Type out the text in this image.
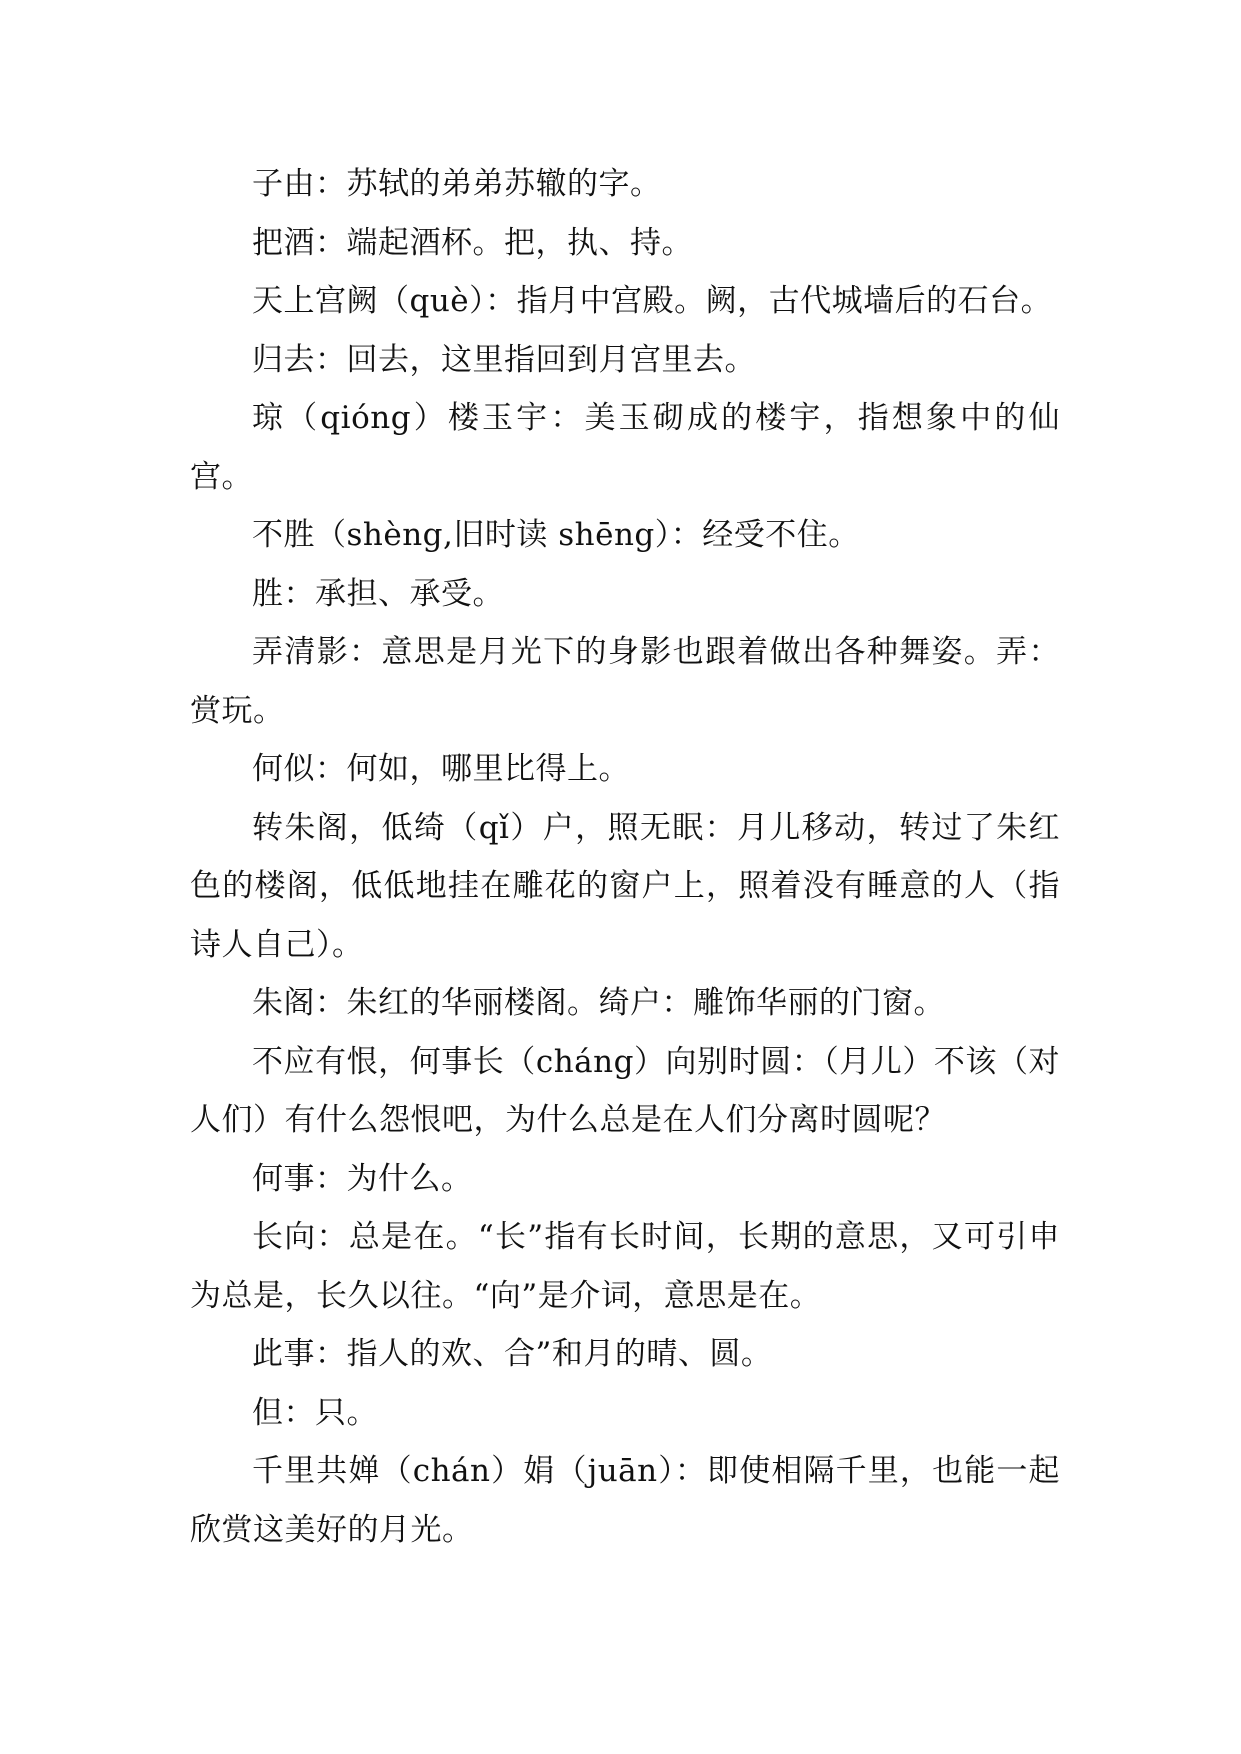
子由：苏轼的弟弟苏辙的字。

把酒：端起酒杯。把，执、持。

天上宫阙（què）：指月中宫殿。阙，古代城墙后的石台。

归去：回去，这里指回到月宫里去。

琼（qióng）楼玉宇：美玉砌成的楼宇，指想象中的仙宫。

不胜（shèng,旧时读 shēng）：经受不住。

胜：承担、承受。

弄清影：意思是月光下的身影也跟着做出各种舞姿。弄：赏玩。

何似：何如，哪里比得上。

转朱阁，低绮（qǐ）户，照无眠：月儿移动，转过了朱红色的楼阁，低低地挂在雕花的窗户上，照着没有睡意的人（指诗人自己）。

朱阁：朱红的华丽楼阁。绮户：雕饰华丽的门窗。

不应有恨，何事长（cháng）向别时圆：（月儿）不该（对人们）有什么怨恨吧，为什么总是在人们分离时圆呢？

何事：为什么。

长向：总是在。“长”指有长时间，长期的意思，又可引申为总是，长久以往。“向”是介词，意思是在。

此事：指人的欢、合”和月的晴、圆。

但：只。

千里共婵（chán）娟（juān）：即使相隔千里，也能一起欣赏这美好的月光。
